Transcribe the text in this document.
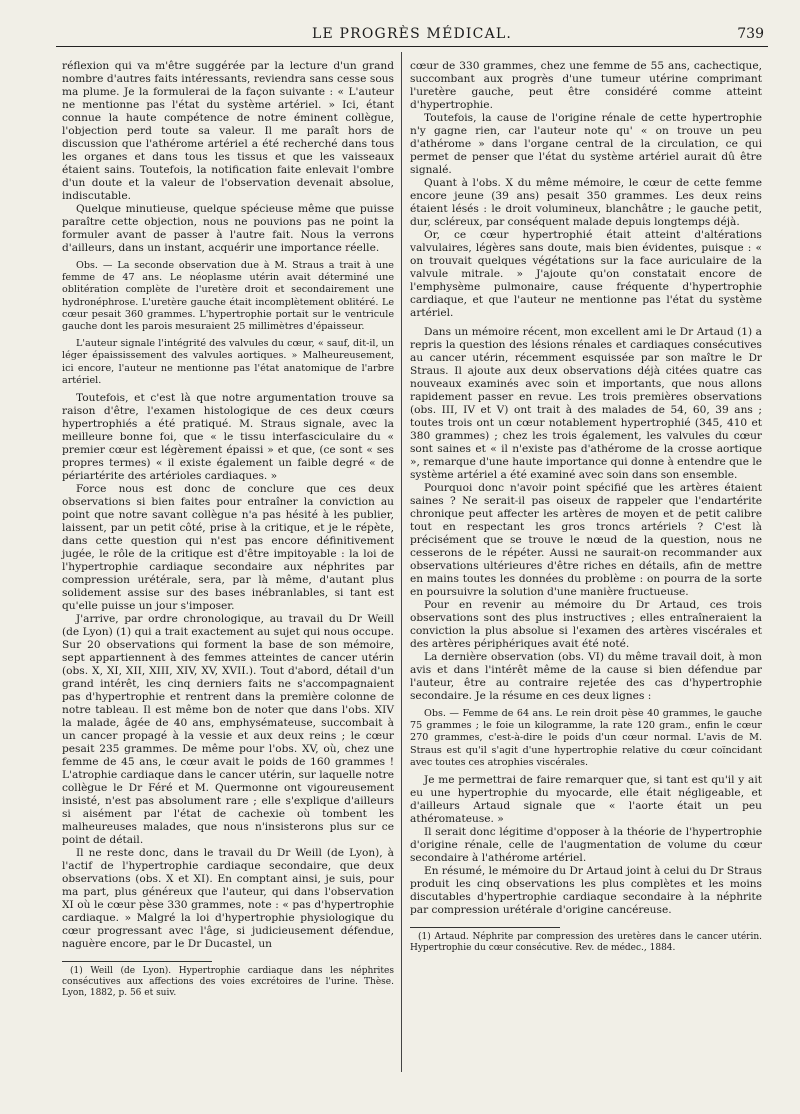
LE PROGRÈS MÉDICAL.	739

réflexion qui va m'être suggérée par la lecture d'un grand nombre d'autres faits intéressants, reviendra sans cesse sous ma plume. Je la formulerai de la façon suivante : « L'auteur ne mentionne pas l'état du système artériel. » Ici, étant connue la haute compétence de notre éminent collègue, l'objection perd toute sa valeur. Il me paraît hors de discussion que l'athérome artériel a été recherché dans tous les organes et dans tous les tissus et que les vaisseaux étaient sains. Toutefois, la notification faite enlevait l'ombre d'un doute et la valeur de l'observation devenait absolue, indiscutable.

Quelque minutieuse, quelque spécieuse même que puisse paraître cette objection, nous ne pouvions pas ne point la formuler avant de passer à l'autre fait. Nous la verrons d'ailleurs, dans un instant, acquérir une importance réelle.

Obs. — La seconde observation due à M. Straus a trait à une femme de 47 ans. Le néoplasme utérin avait déterminé une oblitération complète de l'uretère droit et secondairement une hydronéphrose. L'uretère gauche était incomplètement oblitéré. Le cœur pesait 360 grammes. L'hypertrophie portait sur le ventricule gauche dont les parois mesuraient 25 millimètres d'épaisseur.

L'auteur signale l'intégrité des valvules du cœur, « sauf, dit-il, un léger épaississement des valvules aortiques. » Malheureusement, ici encore, l'auteur ne mentionne pas l'état anatomique de l'arbre artériel.

Toutefois, et c'est là que notre argumentation trouve sa raison d'être, l'examen histologique de ces deux cœurs hypertrophiés a été pratiqué. M. Straus signale, avec la meilleure bonne foi, que « le tissu interfasciculaire du « premier cœur est légèrement épaissi » et que, (ce sont « ses propres termes) « il existe également un faible degré « de périartérite des artérioles cardiaques. »

Force nous est donc de conclure que ces deux observations si bien faites pour entraîner la conviction au point que notre savant collègue n'a pas hésité à les publier, laissent, par un petit côté, prise à la critique, et je le répète, dans cette question qui n'est pas encore définitivement jugée, le rôle de la critique est d'être impitoyable : la loi de l'hypertrophie cardiaque secondaire aux néphrites par compression urétérale, sera, par là même, d'autant plus solidement assise sur des bases inébranlables, si tant est qu'elle puisse un jour s'imposer.

J'arrive, par ordre chronologique, au travail du Dr Weill (de Lyon) (1) qui a trait exactement au sujet qui nous occupe. Sur 20 observations qui forment la base de son mémoire, sept appartiennent à des femmes atteintes de cancer utérin (obs. X, XI, XII, XIII, XIV, XV, XVII.). Tout d'abord, détail d'un grand intérêt, les cinq derniers faits ne s'accompagnaient pas d'hypertrophie et rentrent dans la première colonne de notre tableau. Il est même bon de noter que dans l'obs. XIV la malade, âgée de 40 ans, emphysémateuse, succombait à un cancer propagé à la vessie et aux deux reins ; le cœur pesait 235 grammes. De même pour l'obs. XV, où, chez une femme de 45 ans, le cœur avait le poids de 160 grammes ! L'atrophie cardiaque dans le cancer utérin, sur laquelle notre collègue le Dr Féré et M. Quermonne ont vigoureusement insisté, n'est pas absolument rare ; elle s'explique d'ailleurs si aisément par l'état de cachexie où tombent les malheureuses malades, que nous n'insisterons plus sur ce point de détail.

Il ne reste donc, dans le travail du Dr Weill (de Lyon), à l'actif de l'hypertrophie cardiaque secondaire, que deux observations (obs. X et XI). En comptant ainsi, je suis, pour ma part, plus généreux que l'auteur, qui dans l'observation XI où le cœur pèse 330 grammes, note : « pas d'hypertrophie cardiaque. » Malgré la loi d'hypertrophie physiologique du cœur progressant avec l'âge, si judicieusement défendue, naguère encore, par le Dr Ducastel, un

(1) Weill (de Lyon). Hypertrophie cardiaque dans les néphrites consécutives aux affections des voies excrétoires de l'urine. Thèse. Lyon, 1882, p. 56 et suiv.

cœur de 330 grammes, chez une femme de 55 ans, cachectique, succombant aux progrès d'une tumeur utérine comprimant l'uretère gauche, peut être considéré comme atteint d'hypertrophie.

Toutefois, la cause de l'origine rénale de cette hypertrophie n'y gagne rien, car l'auteur note qu' « on trouve un peu d'athérome » dans l'organe central de la circulation, ce qui permet de penser que l'état du système artériel aurait dû être signalé.

Quant à l'obs. X du même mémoire, le cœur de cette femme encore jeune (39 ans) pesait 350 grammes. Les deux reins étaient lésés : le droit volumineux, blanchâtre ; le gauche petit, dur, scléreux, par conséquent malade depuis longtemps déjà.

Or, ce cœur hypertrophié était atteint d'altérations valvulaires, légères sans doute, mais bien évidentes, puisque : « on trouvait quelques végétations sur la face auriculaire de la valvule mitrale. » J'ajoute qu'on constatait encore de l'emphysème pulmonaire, cause fréquente d'hypertrophie cardiaque, et que l'auteur ne mentionne pas l'état du système artériel.

Dans un mémoire récent, mon excellent ami le Dr Artaud (1) a repris la question des lésions rénales et cardiaques consécutives au cancer utérin, récemment esquissée par son maître le Dr Straus. Il ajoute aux deux observations déjà citées quatre cas nouveaux examinés avec soin et importants, que nous allons rapidement passer en revue. Les trois premières observations (obs. III, IV et V) ont trait à des malades de 54, 60, 39 ans ; toutes trois ont un cœur notablement hypertrophié (345, 410 et 380 grammes) ; chez les trois également, les valvules du cœur sont saines et « il n'existe pas d'athérome de la crosse aortique », remarque d'une haute importance qui donne à entendre que le système artériel a été examiné avec soin dans son ensemble.

Pourquoi donc n'avoir point spécifié que les artères étaient saines ? Ne serait-il pas oiseux de rappeler que l'endartérite chronique peut affecter les artères de moyen et de petit calibre tout en respectant les gros troncs artériels ? C'est là précisément que se trouve le nœud de la question, nous ne cesserons de le répéter. Aussi ne saurait-on recommander aux observations ultérieures d'être riches en détails, afin de mettre en mains toutes les données du problème : on pourra de la sorte en poursuivre la solution d'une manière fructueuse.

Pour en revenir au mémoire du Dr Artaud, ces trois observations sont des plus instructives ; elles entraîneraient la conviction la plus absolue si l'examen des artères viscérales et des artères périphériques avait été noté.

La dernière observation (obs. VI) du même travail doit, à mon avis et dans l'intérêt même de la cause si bien défendue par l'auteur, être au contraire rejetée des cas d'hypertrophie secondaire. Je la résume en ces deux lignes :

Obs. — Femme de 64 ans. Le rein droit pèse 40 grammes, le gauche 75 grammes ; le foie un kilogramme, la rate 120 gram., enfin le cœur 270 grammes, c'est-à-dire le poids d'un cœur normal. L'avis de M. Straus est qu'il s'agit d'une hypertrophie relative du cœur coïncidant avec toutes ces atrophies viscérales.

Je me permettrai de faire remarquer que, si tant est qu'il y ait eu une hypertrophie du myocarde, elle était négligeable, et d'ailleurs Artaud signale que « l'aorte était un peu athéromateuse. »

Il serait donc légitime d'opposer à la théorie de l'hypertrophie d'origine rénale, celle de l'augmentation de volume du cœur secondaire à l'athérome artériel.

En résumé, le mémoire du Dr Artaud joint à celui du Dr Straus produit les cinq observations les plus complètes et les moins discutables d'hypertrophie cardiaque secondaire à la néphrite par compression urétérale d'origine cancéreuse.

(1) Artaud. Néphrite par compression des uretères dans le cancer utérin. Hypertrophie du cœur consécutive. Rev. de médec., 1884.
